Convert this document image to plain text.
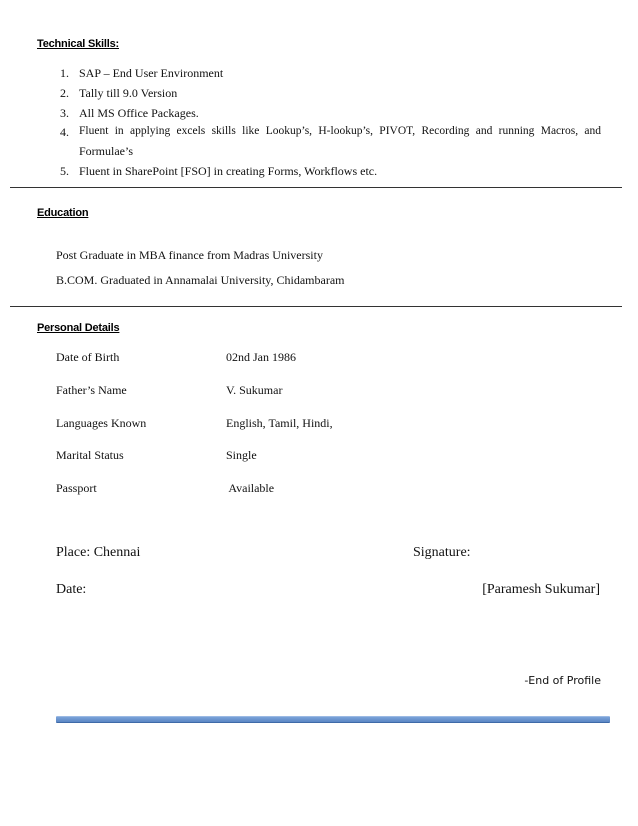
Technical Skills:
1. SAP – End User Environment
2. Tally till 9.0 Version
3. All MS Office Packages.
4. Fluent in applying excels skills like Lookup’s, H-lookup’s, PIVOT, Recording and running Macros, and
Formulae’s
5. Fluent in SharePoint [FSO] in creating Forms, Workflows etc.
Education
Post Graduate in MBA finance from Madras University
B.COM. Graduated in Annamalai University, Chidambaram
Personal Details
Date of Birth	02nd Jan 1986
Father’s Name	V. Sukumar
Languages Known	English, Tamil, Hindi,
Marital Status	Single
Passport	Available
Place: Chennai	Signature:
Date:	[Paramesh Sukumar]
-End of Profile
